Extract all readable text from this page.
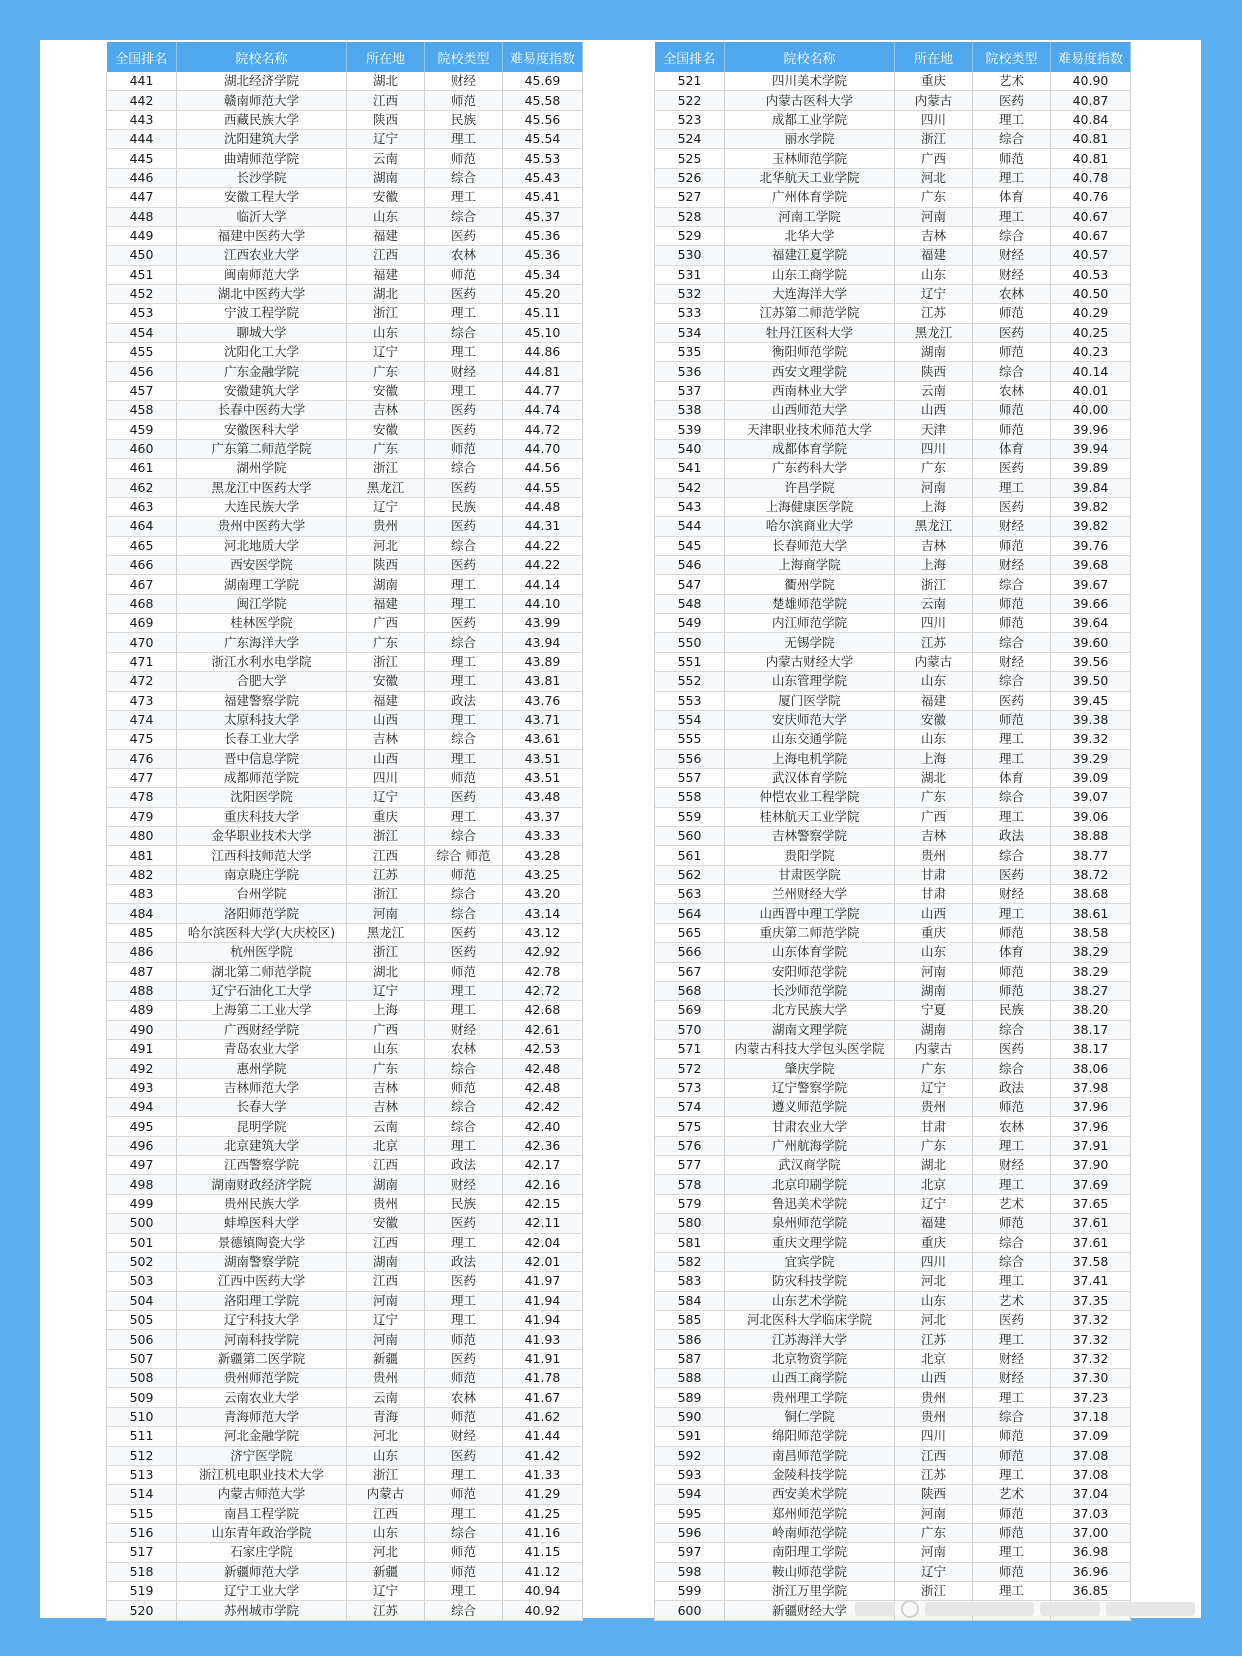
全国排名	院校名称	所在地	院校类型	难易度指数
441	湖北经济学院	湖北	财经	45.69
442	赣南师范大学	江西	师范	45.58
443	西藏民族大学	陕西	民族	45.56
444	沈阳建筑大学	辽宁	理工	45.54
445	曲靖师范学院	云南	师范	45.53
446	长沙学院	湖南	综合	45.43
447	安徽工程大学	安徽	理工	45.41
448	临沂大学	山东	综合	45.37
449	福建中医药大学	福建	医药	45.36
450	江西农业大学	江西	农林	45.36
451	闽南师范大学	福建	师范	45.34
452	湖北中医药大学	湖北	医药	45.20
453	宁波工程学院	浙江	理工	45.11
454	聊城大学	山东	综合	45.10
455	沈阳化工大学	辽宁	理工	44.86
456	广东金融学院	广东	财经	44.81
457	安徽建筑大学	安徽	理工	44.77
458	长春中医药大学	吉林	医药	44.74
459	安徽医科大学	安徽	医药	44.72
460	广东第二师范学院	广东	师范	44.70
461	湖州学院	浙江	综合	44.56
462	黑龙江中医药大学	黑龙江	医药	44.55
463	大连民族大学	辽宁	民族	44.48
464	贵州中医药大学	贵州	医药	44.31
465	河北地质大学	河北	综合	44.22
466	西安医学院	陕西	医药	44.22
467	湖南理工学院	湖南	理工	44.14
468	闽江学院	福建	理工	44.10
469	桂林医学院	广西	医药	43.99
470	广东海洋大学	广东	综合	43.94
471	浙江水利水电学院	浙江	理工	43.89
472	合肥大学	安徽	理工	43.81
473	福建警察学院	福建	政法	43.76
474	太原科技大学	山西	理工	43.71
475	长春工业大学	吉林	综合	43.61
476	晋中信息学院	山西	理工	43.51
477	成都师范学院	四川	师范	43.51
478	沈阳医学院	辽宁	医药	43.48
479	重庆科技大学	重庆	理工	43.37
480	金华职业技术大学	浙江	综合	43.33
481	江西科技师范大学	江西	综合 师范	43.28
482	南京晓庄学院	江苏	师范	43.25
483	台州学院	浙江	综合	43.20
484	洛阳师范学院	河南	综合	43.14
485	哈尔滨医科大学(大庆校区)	黑龙江	医药	43.12
486	杭州医学院	浙江	医药	42.92
487	湖北第二师范学院	湖北	师范	42.78
488	辽宁石油化工大学	辽宁	理工	42.72
489	上海第二工业大学	上海	理工	42.68
490	广西财经学院	广西	财经	42.61
491	青岛农业大学	山东	农林	42.53
492	惠州学院	广东	综合	42.48
493	吉林师范大学	吉林	师范	42.48
494	长春大学	吉林	综合	42.42
495	昆明学院	云南	综合	42.40
496	北京建筑大学	北京	理工	42.36
497	江西警察学院	江西	政法	42.17
498	湖南财政经济学院	湖南	财经	42.16
499	贵州民族大学	贵州	民族	42.15
500	蚌埠医科大学	安徽	医药	42.11
501	景德镇陶瓷大学	江西	理工	42.04
502	湖南警察学院	湖南	政法	42.01
503	江西中医药大学	江西	医药	41.97
504	洛阳理工学院	河南	理工	41.94
505	辽宁科技大学	辽宁	理工	41.94
506	河南科技学院	河南	师范	41.93
507	新疆第二医学院	新疆	医药	41.91
508	贵州师范学院	贵州	师范	41.78
509	云南农业大学	云南	农林	41.67
510	青海师范大学	青海	师范	41.62
511	河北金融学院	河北	财经	41.44
512	济宁医学院	山东	医药	41.42
513	浙江机电职业技术大学	浙江	理工	41.33
514	内蒙古师范大学	内蒙古	师范	41.29
515	南昌工程学院	江西	理工	41.25
516	山东青年政治学院	山东	综合	41.16
517	石家庄学院	河北	师范	41.15
518	新疆师范大学	新疆	师范	41.12
519	辽宁工业大学	辽宁	理工	40.94
520	苏州城市学院	江苏	综合	40.92
全国排名	院校名称	所在地	院校类型	难易度指数
521	四川美术学院	重庆	艺术	40.90
522	内蒙古医科大学	内蒙古	医药	40.87
523	成都工业学院	四川	理工	40.84
524	丽水学院	浙江	综合	40.81
525	玉林师范学院	广西	师范	40.81
526	北华航天工业学院	河北	理工	40.78
527	广州体育学院	广东	体育	40.76
528	河南工学院	河南	理工	40.67
529	北华大学	吉林	综合	40.67
530	福建江夏学院	福建	财经	40.57
531	山东工商学院	山东	财经	40.53
532	大连海洋大学	辽宁	农林	40.50
533	江苏第二师范学院	江苏	师范	40.29
534	牡丹江医科大学	黑龙江	医药	40.25
535	衡阳师范学院	湖南	师范	40.23
536	西安文理学院	陕西	综合	40.14
537	西南林业大学	云南	农林	40.01
538	山西师范大学	山西	师范	40.00
539	天津职业技术师范大学	天津	师范	39.96
540	成都体育学院	四川	体育	39.94
541	广东药科大学	广东	医药	39.89
542	许昌学院	河南	理工	39.84
543	上海健康医学院	上海	医药	39.82
544	哈尔滨商业大学	黑龙江	财经	39.82
545	长春师范大学	吉林	师范	39.76
546	上海商学院	上海	财经	39.68
547	衢州学院	浙江	综合	39.67
548	楚雄师范学院	云南	师范	39.66
549	内江师范学院	四川	师范	39.64
550	无锡学院	江苏	综合	39.60
551	内蒙古财经大学	内蒙古	财经	39.56
552	山东管理学院	山东	综合	39.50
553	厦门医学院	福建	医药	39.45
554	安庆师范大学	安徽	师范	39.38
555	山东交通学院	山东	理工	39.32
556	上海电机学院	上海	理工	39.29
557	武汉体育学院	湖北	体育	39.09
558	仲恺农业工程学院	广东	综合	39.07
559	桂林航天工业学院	广西	理工	39.06
560	吉林警察学院	吉林	政法	38.88
561	贵阳学院	贵州	综合	38.77
562	甘肃医学院	甘肃	医药	38.72
563	兰州财经大学	甘肃	财经	38.68
564	山西晋中理工学院	山西	理工	38.61
565	重庆第二师范学院	重庆	师范	38.58
566	山东体育学院	山东	体育	38.29
567	安阳师范学院	河南	师范	38.29
568	长沙师范学院	湖南	师范	38.27
569	北方民族大学	宁夏	民族	38.20
570	湖南文理学院	湖南	综合	38.17
571	内蒙古科技大学包头医学院	内蒙古	医药	38.17
572	肇庆学院	广东	综合	38.06
573	辽宁警察学院	辽宁	政法	37.98
574	遵义师范学院	贵州	师范	37.96
575	甘肃农业大学	甘肃	农林	37.96
576	广州航海学院	广东	理工	37.91
577	武汉商学院	湖北	财经	37.90
578	北京印刷学院	北京	理工	37.69
579	鲁迅美术学院	辽宁	艺术	37.65
580	泉州师范学院	福建	师范	37.61
581	重庆文理学院	重庆	综合	37.61
582	宜宾学院	四川	综合	37.58
583	防灾科技学院	河北	理工	37.41
584	山东艺术学院	山东	艺术	37.35
585	河北医科大学临床学院	河北	医药	37.32
586	江苏海洋大学	江苏	理工	37.32
587	北京物资学院	北京	财经	37.32
588	山西工商学院	山西	财经	37.30
589	贵州理工学院	贵州	理工	37.23
590	铜仁学院	贵州	综合	37.18
591	绵阳师范学院	四川	师范	37.09
592	南昌师范学院	江西	师范	37.08
593	金陵科技学院	江苏	理工	37.08
594	西安美术学院	陕西	艺术	37.04
595	郑州师范学院	河南	师范	37.03
596	岭南师范学院	广东	师范	37.00
597	南阳理工学院	河南	理工	36.98
598	鞍山师范学院	辽宁	师范	36.96
599	浙江万里学院	浙江	理工	36.85
600	新疆财经大学			
